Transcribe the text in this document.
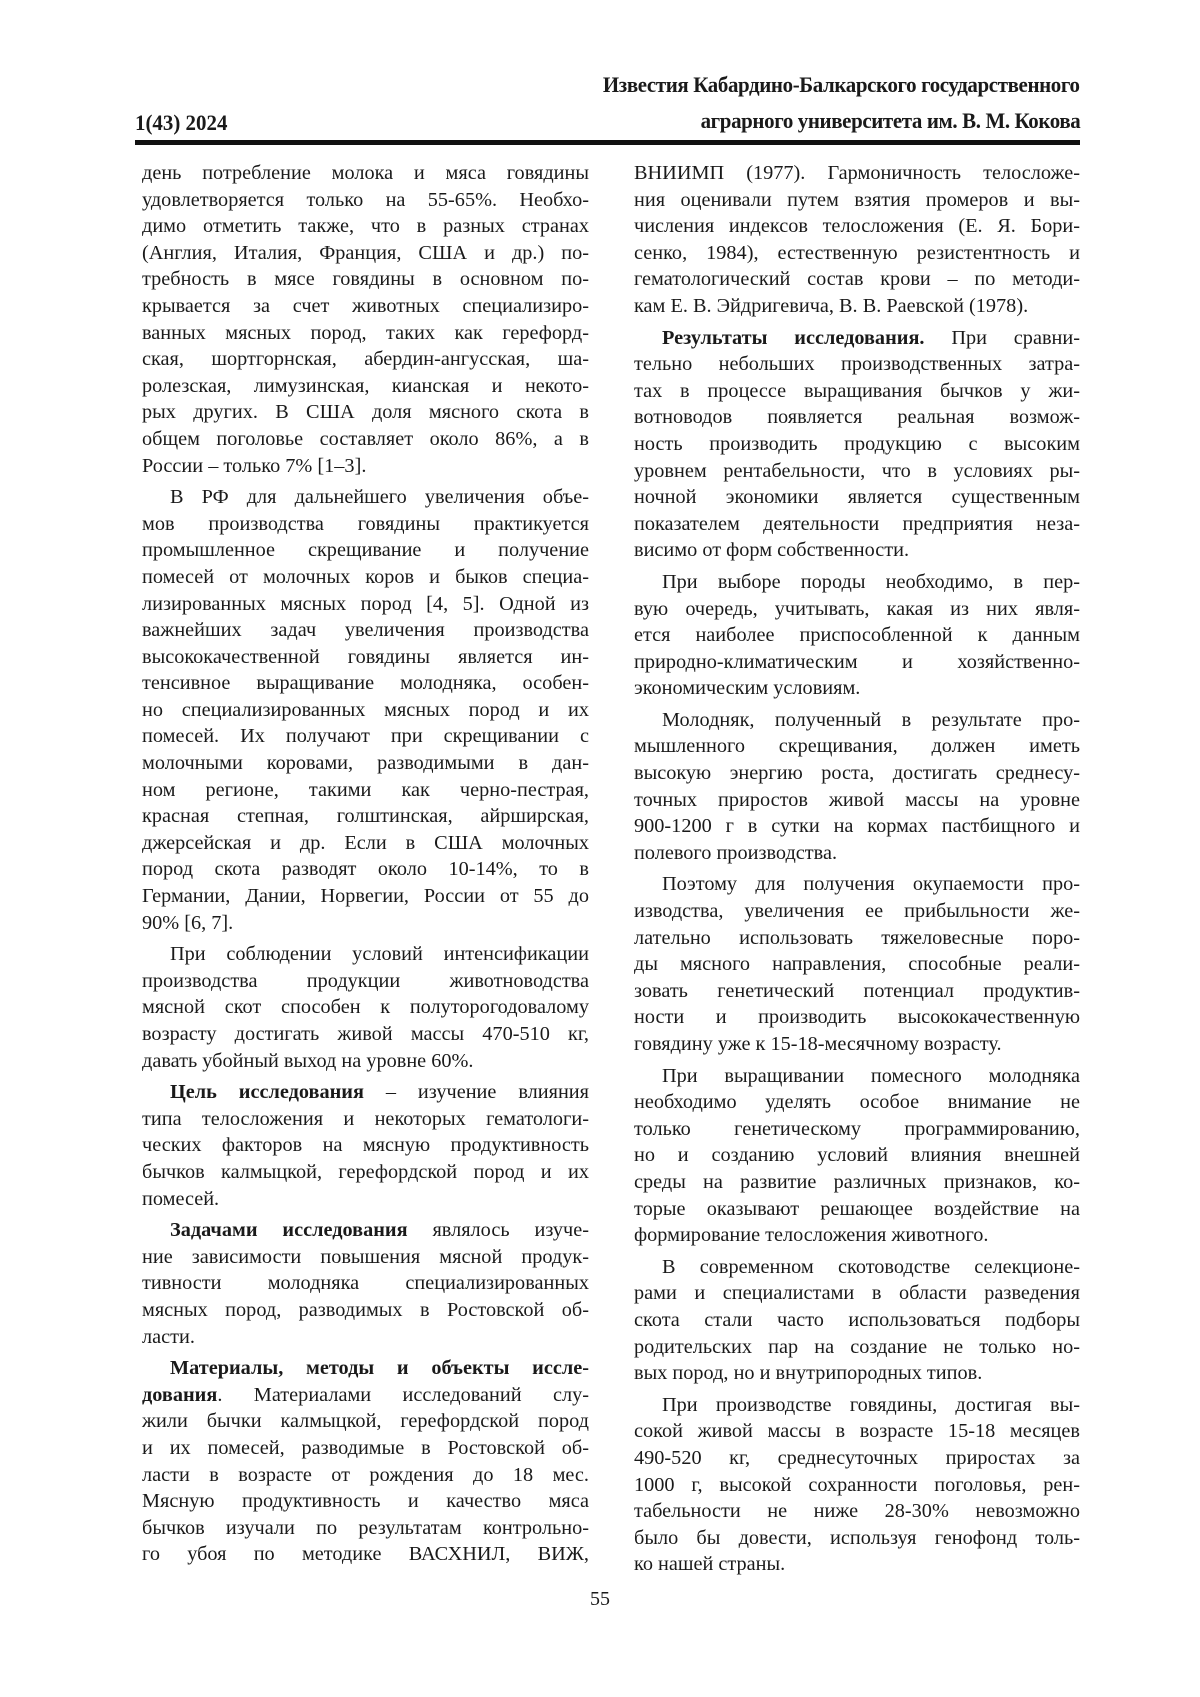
Известия Кабардино-Балкарского государственного
аграрного университета им. В. М. Кокова
1(43) 2024
день потребление молока и мяса говядины
удовлетворяется только на 55-65%. Необхо-
димо отметить также, что в разных странах
(Англия, Италия, Франция, США и др.) по-
требность в мясе говядины в основном по-
крывается за счет животных специализиро-
ванных мясных пород, таких как герефорд-
ская, шортгорнская, абердин-ангусская, ша-
ролезская, лимузинская, кианская и некото-
рых других. В США доля мясного скота в
общем поголовье составляет около 86%, а в
России – только 7% [1–3].
В РФ для дальнейшего увеличения объе-
мов производства говядины практикуется
промышленное скрещивание и получение
помесей от молочных коров и быков специа-
лизированных мясных пород [4, 5]. Одной из
важнейших задач увеличения производства
высококачественной говядины является ин-
тенсивное выращивание молодняка, особен-
но специализированных мясных пород и их
помесей. Их получают при скрещивании с
молочными коровами, разводимыми в дан-
ном регионе, такими как черно-пестрая,
красная степная, голштинская, айрширская,
джерсейская и др. Если в США молочных
пород скота разводят около 10-14%, то в
Германии, Дании, Норвегии, России от 55 до
90% [6, 7].
При соблюдении условий интенсификации
производства продукции животноводства
мясной скот способен к полуторогодовалому
возрасту достигать живой массы 470-510 кг,
давать убойный выход на уровне 60%.
Цель исследования – изучение влияния
типа телосложения и некоторых гематологи-
ческих факторов на мясную продуктивность
бычков калмыцкой, герефордской пород и их
помесей.
Задачами исследования являлось изуче-
ние зависимости повышения мясной продук-
тивности молодняка специализированных
мясных пород, разводимых в Ростовской об-
ласти.
Материалы, методы и объекты иссле-
дования. Материалами исследований слу-
жили бычки калмыцкой, герефордской пород
и их помесей, разводимые в Ростовской об-
ласти в возрасте от рождения до 18 мес.
Мясную продуктивность и качество мяса
бычков изучали по результатам контрольно-
го убоя по методике ВАСХНИЛ, ВИЖ,
ВНИИМП (1977). Гармоничность телосложе-
ния оценивали путем взятия промеров и вы-
числения индексов телосложения (Е. Я. Бори-
сенко, 1984), естественную резистентность и
гематологический состав крови – по методи-
кам Е. В. Эйдригевича, В. В. Раевской (1978).
Результаты исследования. При сравни-
тельно небольших производственных затра-
тах в процессе выращивания бычков у жи-
вотноводов появляется реальная возмож-
ность производить продукцию с высоким
уровнем рентабельности, что в условиях ры-
ночной экономики является существенным
показателем деятельности предприятия неза-
висимо от форм собственности.
При выборе породы необходимо, в пер-
вую очередь, учитывать, какая из них явля-
ется наиболее приспособленной к данным
природно-климатическим и хозяйственно-
экономическим условиям.
Молодняк, полученный в результате про-
мышленного скрещивания, должен иметь
высокую энергию роста, достигать среднесу-
точных приростов живой массы на уровне
900-1200 г в сутки на кормах пастбищного и
полевого производства.
Поэтому для получения окупаемости про-
изводства, увеличения ее прибыльности же-
лательно использовать тяжеловесные поро-
ды мясного направления, способные реали-
зовать генетический потенциал продуктив-
ности и производить высококачественную
говядину уже к 15-18-месячному возрасту.
При выращивании помесного молодняка
необходимо уделять особое внимание не
только генетическому программированию,
но и созданию условий влияния внешней
среды на развитие различных признаков, ко-
торые оказывают решающее воздействие на
формирование телосложения животного.
В современном скотоводстве селекционе-
рами и специалистами в области разведения
скота стали часто использоваться подборы
родительских пар на создание не только но-
вых пород, но и внутрипородных типов.
При производстве говядины, достигая вы-
сокой живой массы в возрасте 15-18 месяцев
490-520 кг, среднесуточных приростах за
1000 г, высокой сохранности поголовья, рен-
табельности не ниже 28-30% невозможно
было бы довести, используя генофонд толь-
ко нашей страны.
55
